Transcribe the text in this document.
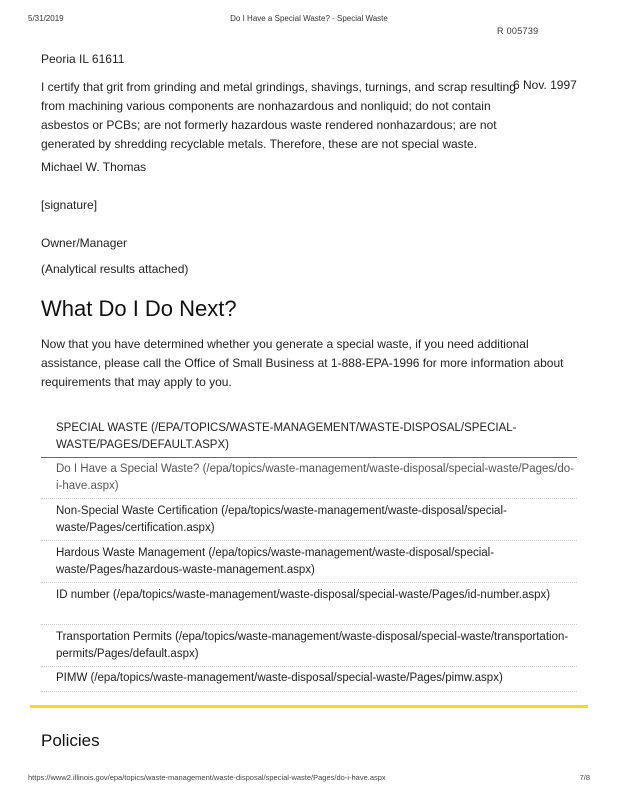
5/31/2019	Do I Have a Special Waste? - Special Waste
R 005739
Peoria IL 61611
6 Nov. 1997

I certify that grit from grinding and metal grindings, shavings, turnings, and scrap resulting from machining various components are nonhazardous and nonliquid; do not contain asbestos or PCBs; are not formerly hazardous waste rendered nonhazardous; are not generated by shredding recyclable metals. Therefore, these are not special waste.

Michael W. Thomas

[signature]

Owner/Manager

(Analytical results attached)

What Do I Do Next?

Now that you have determined whether you generate a special waste, if you need additional assistance, please call the Office of Small Business at 1-888-EPA-1996 for more information about requirements that may apply to you.

SPECIAL WASTE (/EPA/TOPICS/WASTE-MANAGEMENT/WASTE-DISPOSAL/SPECIAL-WASTE/PAGES/DEFAULT.ASPX)
Do I Have a Special Waste? (/epa/topics/waste-management/waste-disposal/special-waste/Pages/do-i-have.aspx)
Non-Special Waste Certification (/epa/topics/waste-management/waste-disposal/special-waste/Pages/certification.aspx)
Hardous Waste Management (/epa/topics/waste-management/waste-disposal/special-waste/Pages/hazardous-waste-management.aspx)
ID number (/epa/topics/waste-management/waste-disposal/special-waste/Pages/id-number.aspx)
Transportation Permits (/epa/topics/waste-management/waste-disposal/special-waste/transportation-permits/Pages/default.aspx)
PIMW (/epa/topics/waste-management/waste-disposal/special-waste/Pages/pimw.aspx)
Policies
https://www2.illinois.gov/epa/topics/waste-management/waste-disposal/special-waste/Pages/do-i-have.aspx	7/8
